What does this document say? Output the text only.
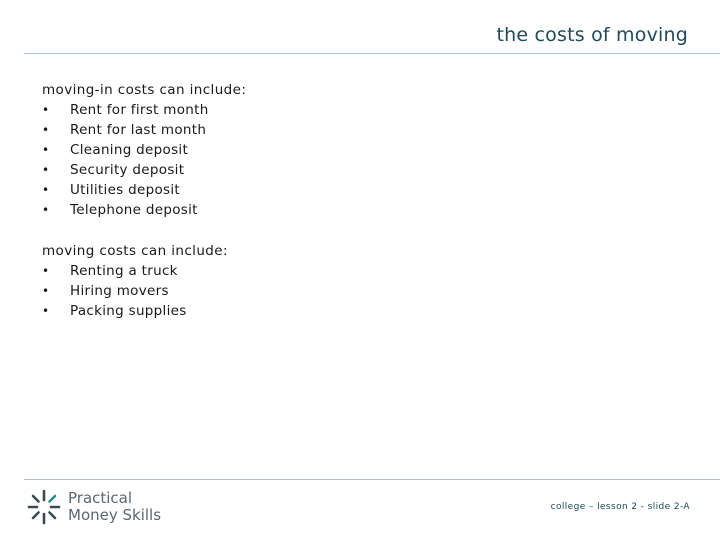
the costs of moving

moving-in costs can include:

• Rent for first month
• Rent for last month
• Cleaning deposit
• Security deposit
• Utilities deposit
• Telephone deposit

moving costs can include:

• Renting a truck
• Hiring movers
• Packing supplies
Practical
Money Skills	college – lesson 2 - slide 2-A
